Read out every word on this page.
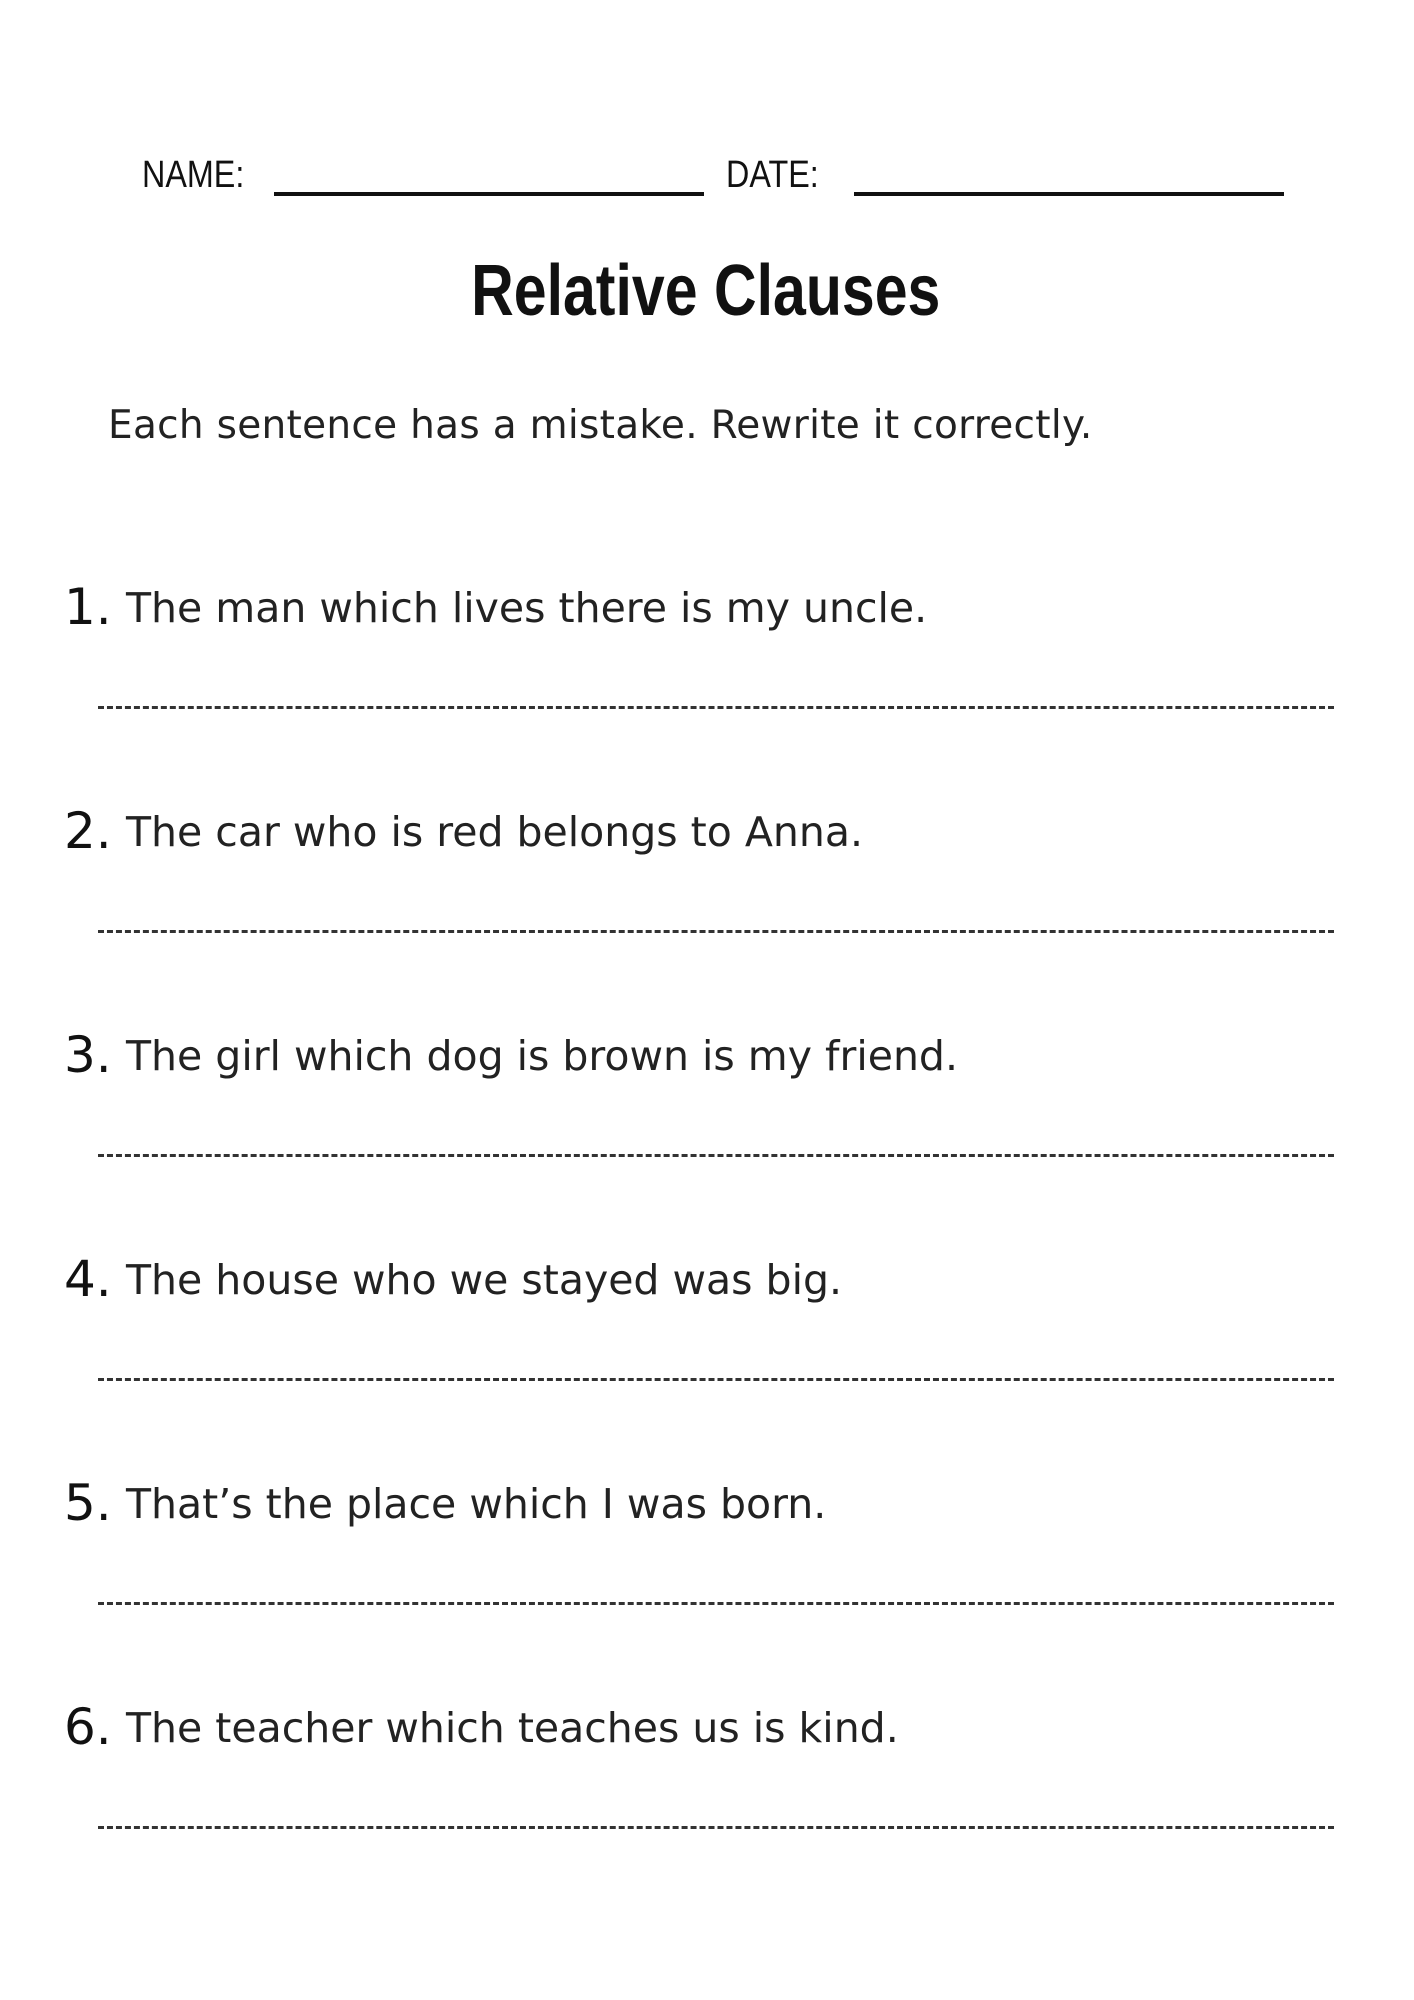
NAME:	DATE:
Relative Clauses
Each sentence has a mistake. Rewrite it correctly.
1. The man which lives there is my uncle.
2. The car who is red belongs to Anna.
3. The girl which dog is brown is my friend.
4. The house who we stayed was big.
5. That’s the place which I was born.
6. The teacher which teaches us is kind.
